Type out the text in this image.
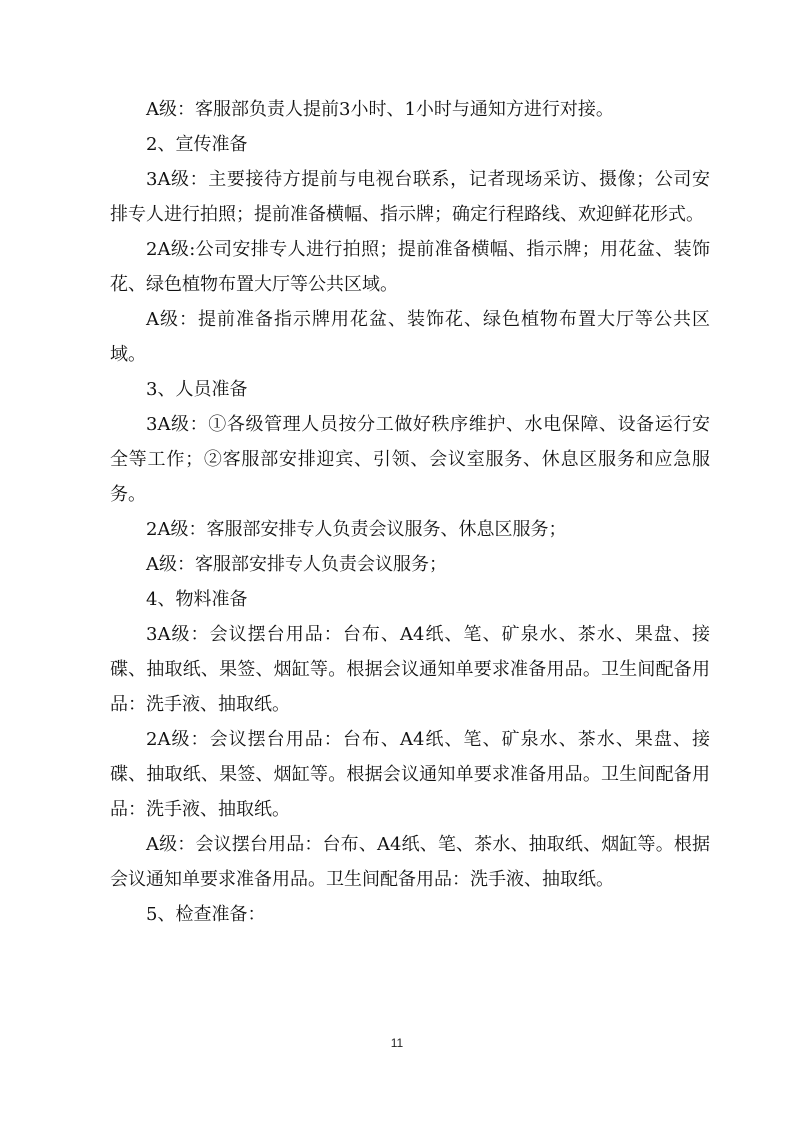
A级：客服部负责人提前3小时、1小时与通知方进行对接。

2、宣传准备

3A级：主要接待方提前与电视台联系，记者现场采访、摄像；公司安排专人进行拍照；提前准备横幅、指示牌；确定行程路线、欢迎鲜花形式。

2A级:公司安排专人进行拍照；提前准备横幅、指示牌；用花盆、装饰花、绿色植物布置大厅等公共区域。

A级：提前准备指示牌用花盆、装饰花、绿色植物布置大厅等公共区域。

3、人员准备

3A级：①各级管理人员按分工做好秩序维护、水电保障、设备运行安全等工作；②客服部安排迎宾、引领、会议室服务、休息区服务和应急服务。

2A级：客服部安排专人负责会议服务、休息区服务；

A级：客服部安排专人负责会议服务；

4、物料准备

3A级：会议摆台用品：台布、A4纸、笔、矿泉水、茶水、果盘、接碟、抽取纸、果签、烟缸等。根据会议通知单要求准备用品。卫生间配备用品：洗手液、抽取纸。

2A级：会议摆台用品：台布、A4纸、笔、矿泉水、茶水、果盘、接碟、抽取纸、果签、烟缸等。根据会议通知单要求准备用品。卫生间配备用品：洗手液、抽取纸。

A级：会议摆台用品：台布、A4纸、笔、茶水、抽取纸、烟缸等。根据会议通知单要求准备用品。卫生间配备用品：洗手液、抽取纸。

5、检查准备：

11
